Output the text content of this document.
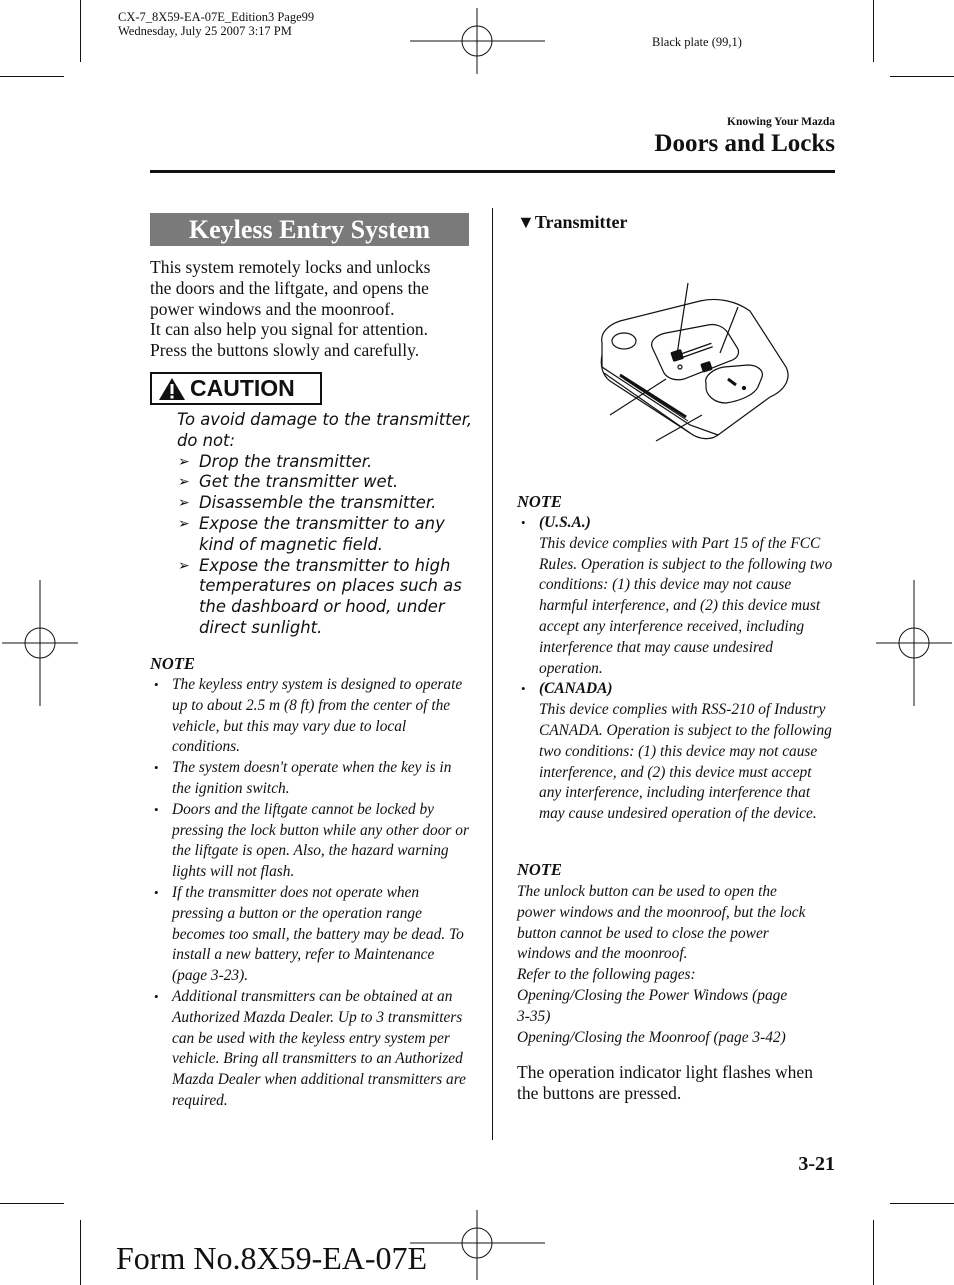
CX-7_8X59-EA-07E_Edition3 Page99
Wednesday, July 25 2007 3:17 PM
Black plate (99,1)
Knowing Your Mazda
Doors and Locks
Keyless Entry System
This system remotely locks and unlocks
the doors and the liftgate, and opens the
power windows and the moonroof.
It can also help you signal for attention.
Press the buttons slowly and carefully.
CAUTION
To avoid damage to the transmitter,
do not:
➢ Drop the transmitter.
➢ Get the transmitter wet.
➢ Disassemble the transmitter.
➢ Expose the transmitter to any kind of magnetic field.
➢ Expose the transmitter to high temperatures on places such as the dashboard or hood, under direct sunlight.
NOTE
• The keyless entry system is designed to operate up to about 2.5 m (8 ft) from the center of the vehicle, but this may vary due to local conditions.
• The system doesn't operate when the key is in the ignition switch.
• Doors and the liftgate cannot be locked by pressing the lock button while any other door or the liftgate is open. Also, the hazard warning lights will not flash.
• If the transmitter does not operate when pressing a button or the operation range becomes too small, the battery may be dead. To install a new battery, refer to Maintenance (page 3-23).
• Additional transmitters can be obtained at an Authorized Mazda Dealer. Up to 3 transmitters can be used with the keyless entry system per vehicle. Bring all transmitters to an Authorized Mazda Dealer when additional transmitters are required.
▼Transmitter
NOTE
• (U.S.A.)
This device complies with Part 15 of the FCC Rules. Operation is subject to the following two conditions: (1) this device may not cause harmful interference, and (2) this device must accept any interference received, including interference that may cause undesired operation.
• (CANADA)
This device complies with RSS-210 of Industry CANADA. Operation is subject to the following two conditions: (1) this device may not cause interference, and (2) this device must accept any interference, including interference that may cause undesired operation of the device.
NOTE
The unlock button can be used to open the
power windows and the moonroof, but the lock
button cannot be used to close the power
windows and the moonroof.
Refer to the following pages:
Opening/Closing the Power Windows (page
3-35)
Opening/Closing the Moonroof (page 3-42)
The operation indicator light flashes when
the buttons are pressed.
3-21
Form No.8X59-EA-07E
